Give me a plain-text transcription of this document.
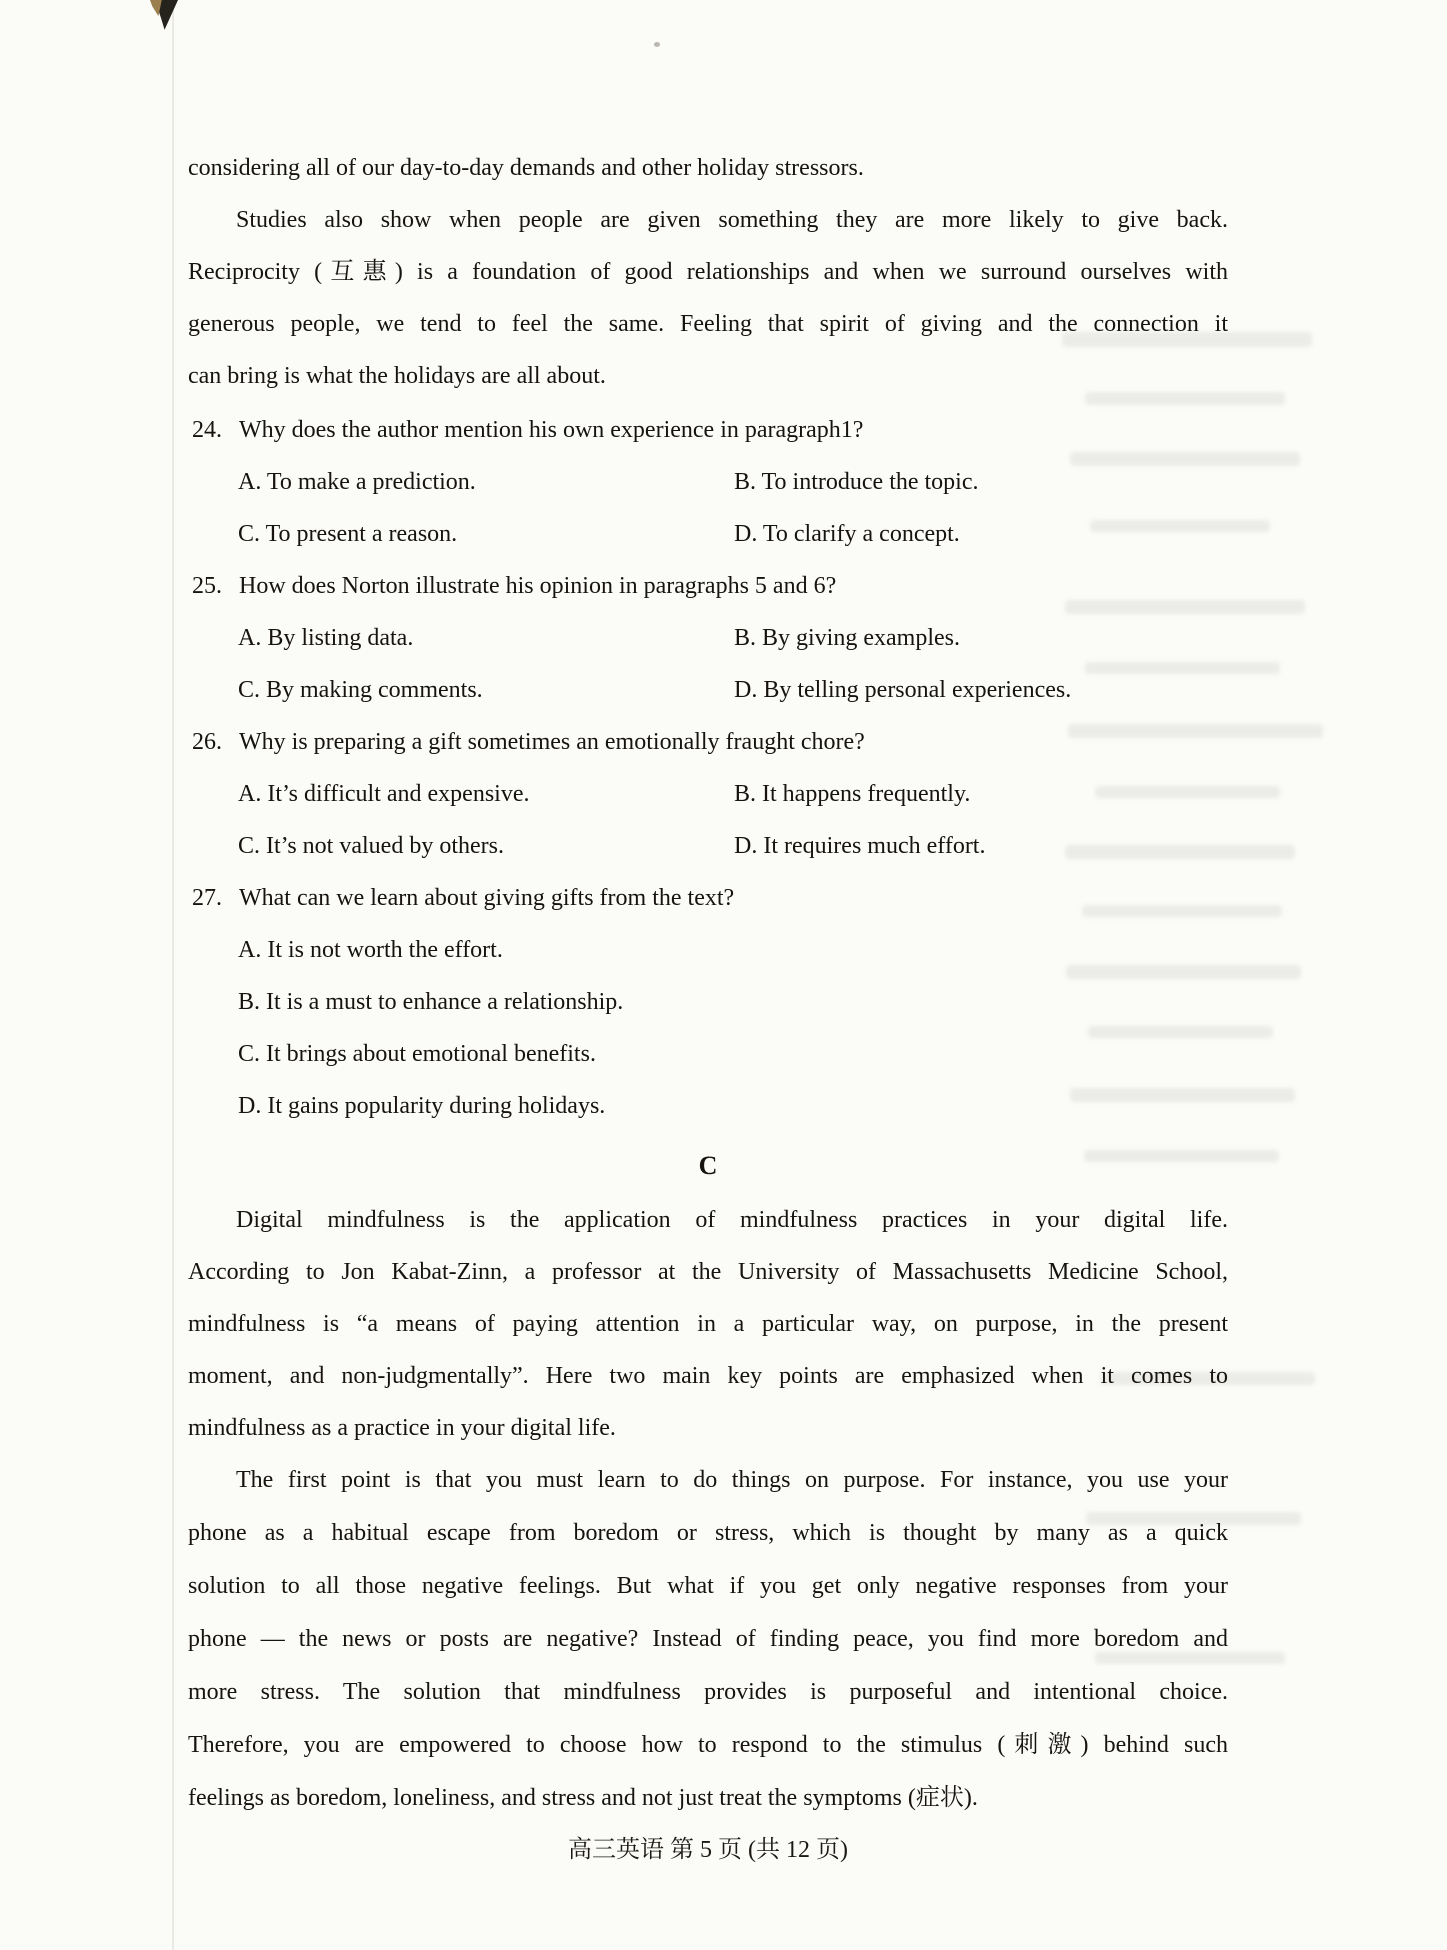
considering all of our day-to-day demands and other holiday stressors.
Studies also show when people are given something they are more likely to give back.
Reciprocity (互惠) is a foundation of good relationships and when we surround ourselves with
generous people, we tend to feel the same. Feeling that spirit of giving and the connection it
can bring is what the holidays are all about.
24. Why does the author mention his own experience in paragraph1?
A. To make a prediction.	B. To introduce the topic.
C. To present a reason.	D. To clarify a concept.
25. How does Norton illustrate his opinion in paragraphs 5 and 6?
A. By listing data.	B. By giving examples.
C. By making comments.	D. By telling personal experiences.
26. Why is preparing a gift sometimes an emotionally fraught chore?
A. It’s difficult and expensive.	B. It happens frequently.
C. It’s not valued by others.	D. It requires much effort.
27. What can we learn about giving gifts from the text?
A. It is not worth the effort.
B. It is a must to enhance a relationship.
C. It brings about emotional benefits.
D. It gains popularity during holidays.
C
Digital mindfulness is the application of mindfulness practices in your digital life.
According to Jon Kabat-Zinn, a professor at the University of Massachusetts Medicine School,
mindfulness is “a means of paying attention in a particular way, on purpose, in the present
moment, and non-judgmentally”. Here two main key points are emphasized when it comes to
mindfulness as a practice in your digital life.
The first point is that you must learn to do things on purpose. For instance, you use your
phone as a habitual escape from boredom or stress, which is thought by many as a quick
solution to all those negative feelings. But what if you get only negative responses from your
phone — the news or posts are negative? Instead of finding peace, you find more boredom and
more stress. The solution that mindfulness provides is purposeful and intentional choice.
Therefore, you are empowered to choose how to respond to the stimulus (刺激) behind such
feelings as boredom, loneliness, and stress and not just treat the symptoms (症状).
高三英语 第 5 页 (共 12 页)
